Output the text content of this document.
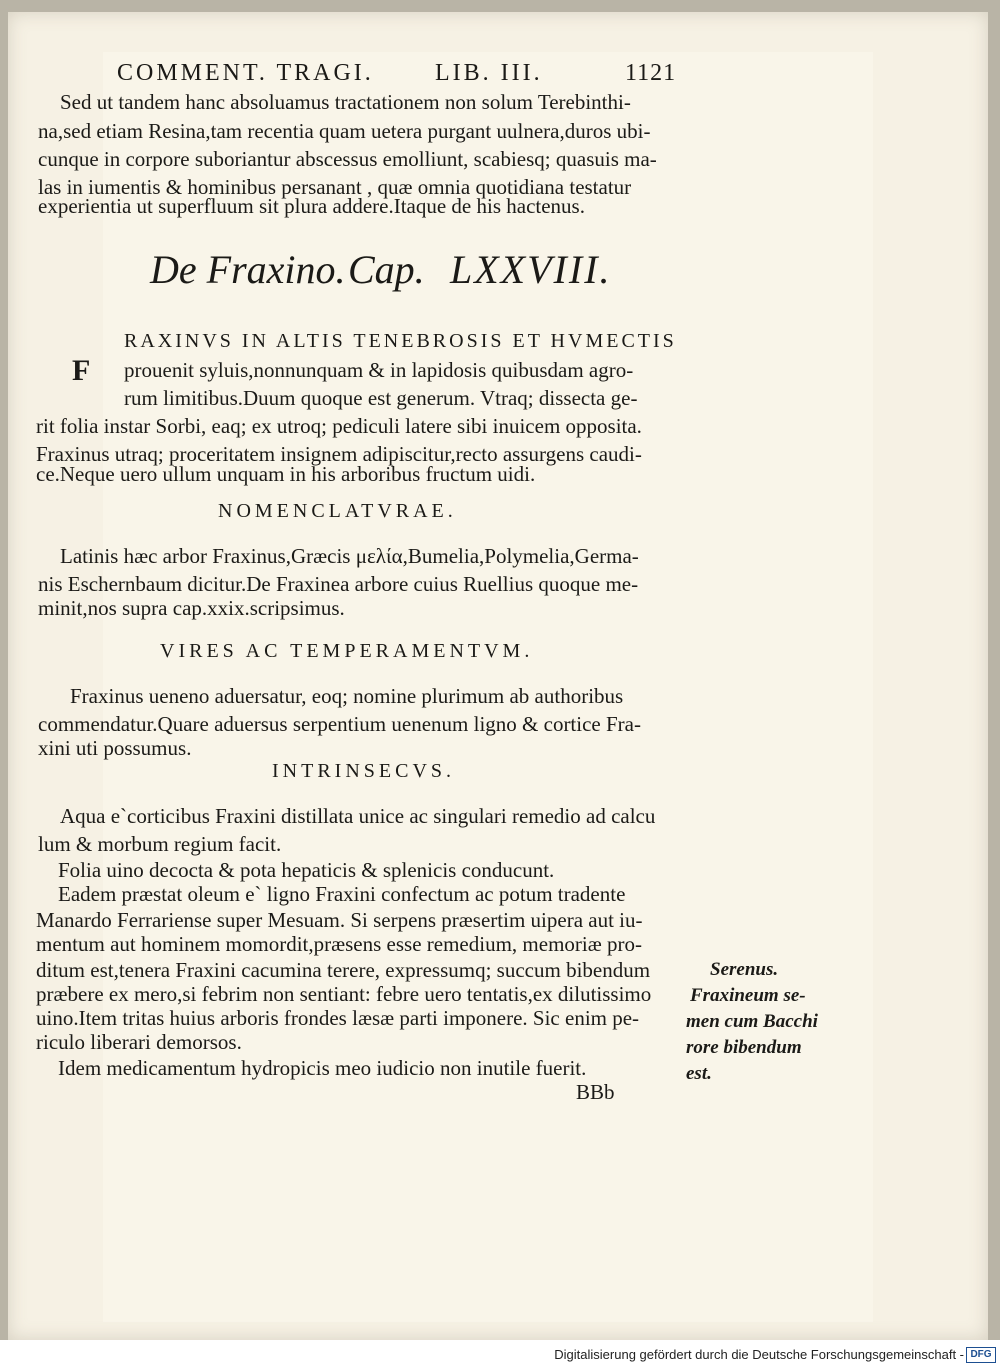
COMMENT. TRAGI.	LIB. III.	1121
Sed ut tandem hanc absoluamus tractationem non solum Terebinthi-
na,sed etiam Resina,tam recentia quam uetera purgant uulnera,duros ubi-
cunque in corpore suboriantur abscessus emolliunt, scabiesq; quasuis ma-
las in iumentis & hominibus persanant , quæ omnia quotidiana testatur
experientia ut superfluum sit plura addere.Itaque de his hactenus.
De Fraxino. Cap. LXXVIII.
F
RAXINVS IN ALTIS TENEBROSIS ET HVMECTIS
prouenit syluis,nonnunquam & in lapidosis quibusdam agro-
rum limitibus.Duum quoque est generum. Vtraq; dissecta ge-
rit folia instar Sorbi, eaq; ex utroq; pediculi latere sibi inuicem opposita.
Fraxinus utraq; proceritatem insignem adipiscitur,recto assurgens caudi-
ce.Neque uero ullum unquam in his arboribus fructum uidi.
NOMENCLATVRAE.
Latinis hæc arbor Fraxinus,Græcis μελία,Bumelia,Polymelia,Germa-
nis Eschernbaum dicitur.De Fraxinea arbore cuius Ruellius quoque me-
minit,nos supra cap.xxix.scripsimus.
VIRES AC TEMPERAMENTVM.
Fraxinus ueneno aduersatur, eoq; nomine plurimum ab authoribus
commendatur.Quare aduersus serpentium uenenum ligno & cortice Fra-
xini uti possumus.
INTRINSECVS.
Aqua e`corticibus Fraxini distillata unice ac singulari remedio ad calcu
lum & morbum regium facit.
Folia uino decocta & pota hepaticis & splenicis conducunt.
Eadem præstat oleum e` ligno Fraxini confectum ac potum tradente
Manardo Ferrariense super Mesuam. Si serpens præsertim uipera aut iu-
mentum aut hominem momordit,præsens esse remedium, memoriæ pro-
ditum est,tenera Fraxini cacumina terere, expressumq; succum bibendum
præbere ex mero,si febrim non sentiant: febre uero tentatis,ex dilutissimo
uino.Item tritas huius arboris frondes læsæ parti imponere. Sic enim pe-
riculo liberari demorsos.
Idem medicamentum hydropicis meo iudicio non inutile fuerit.
BBb
Serenus.
Fraxineum se-
men cum Bacchi
rore bibendum
est.
Digitalisierung gefördert durch die Deutsche Forschungsgemeinschaft - DFG
